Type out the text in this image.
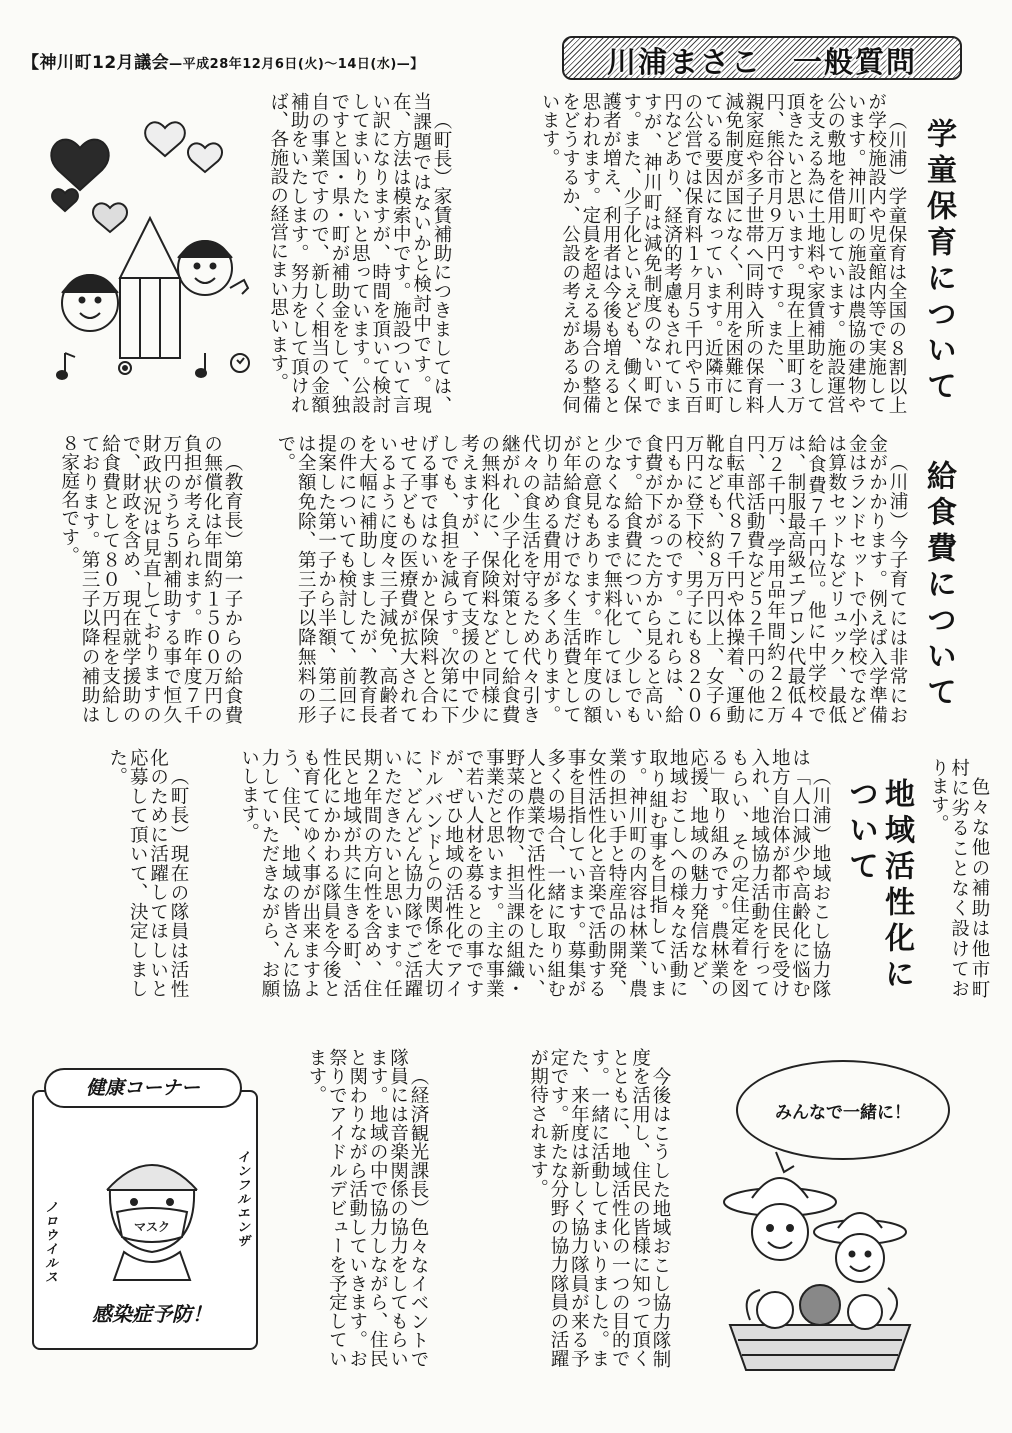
【神川町12月議会—平成28年12月6日(火)～14日(水)—】	川浦まさこ　一般質問
学童保育について
（川浦）学童保育は全国の８割以上が学校施設内や児童館内等で実施しています。神川町の施設は農協の建物や公の敷地を借用しています。施設運営を支える為に土地料や家賃補助をして頂きたいと思います。現在上里町３万円、熊谷市月９万円です。また、一人親家庭や多子世帯へ同時入所の保育料減免制度が国になく、利用を困難にしている要因になっています。近隣市町の公営では保育料１ヶ月５千円や５百円などあり、経済的考慮もされていますが、神川町は減免制度のない町です。また、少子化といえども、働く保護者が増え、利用者は今後も増えると思われます。定員を超える場合の整備をどうするか、公設の考えがあるか伺います。
（町長）家賃補助につきましては、当課題ではないかと検討中です。現在、方法は模索中です。施設ついて言い訳になりますが、時間を頂いて検討してまいりたいと思っています。公設ですと国・県・町が補助金をして、独自の事業ですので、新しく相当の金額補助をいたします。努力をして頂ければ、各施設の経営にまい思います。
給食費について
（川浦）今子育てには非常にお金がかかります。例えば入学準備金はランドセットで小学校でなどは算数セットなどリュック、最低給食費７千円位。他に中学校では、制服最高級エプロン代最低４万２千円、学用品年間約２２万円、部活動費など５２千円の他に自転車代８７千円や体操着、運動靴なども、約８万円以上、女子６万円に登下校、男子にも８２００円もかかるのです。これらは、給食費が下がった方から見ると高いです。給食費について、少しでも少なくなるまで無料化してほしいとの意見もあります。昨年度の額が年給食だけでなく生活費として切り詰める費用が多くあります。代々の食生活を守るため代々引き継がれ、少子化対策として給食費の無料化に、保険料などと同様に考えますが、子育て支援の中で少しでも、負担を減らす。次第に下げる事ではないかと保険料と合わせて子どもの医療費が拡大されているように度々三子減免、高齢者を大幅に補助しましたが、教育長の件についても検討して、前回に提案した第一子から半額、第二子は全額免除、第三子以降無料の形で。
（教育長）第一子からの給食費の無償化は年間約１５００万円の負担が考えられます。昨年度７千万円のうち５割補助する事で恒久財政状況は見直しておりますので、財政を含め、現在就学援助の給食費として８０万円程を支給しております。第三子以降の補助は８家庭名です。
色々な他の補助は他市町村に劣ることなく設けております。
地域活性化について
（川浦）地域おこし協力隊は「人口減少や高齢化に悩む地方自治体が都市住民を受け入れ、地域協力活動を行ってもらい、その定住定着を図る」取り組みです。農林業の応援、地域の魅力発信など、地域おこしへの様々な活動に取り組む事を目指しています。神川町の内容は林業、農業の担い手と特産品の開発、女性活性化と音楽で活動する事を目指しています。募集が多くの場合、一緒に取り組む人と農業で活性化をしたい、野菜の作物、担当課の組織・事業だと思います。主な事業で若い人材を募るとの事ですが、ぜひ地域の活性化でアイドルバンドとの関係を大切に、どんどん協力隊でご活躍いただきたいと思います。任期２年間の方向性を含め、住民と地域が共に生きる町、活性化にかかわる隊員を今後とも育ててゆく事が出来ますよう、住民、地域の皆さんに協力していただきながら、お願いします。
（町長）現在の隊員は活性化のために活躍してほしいと応募して頂いて、決定しました。
今後はこうした地域おこし協力隊制度を活用し、住民の皆様に知って頂くとともに、地域活性化の一つの目的です。一緒に活動してまいりました。また、来年度は新しく協力隊員が来る予定です。新たな分野の協力隊員の活躍が期待されます。
（経済観光課長）色々なイベントで隊員には音楽関係の協力をしてもらいます。地域の中で協力しながら、住民と関わりながら活動していきます。お祭りでアイドルデビューを予定しています。
健康コーナー
インフルエンザ
ノロウイルス	マスク
感染症予防！
みんなで一緒に！
